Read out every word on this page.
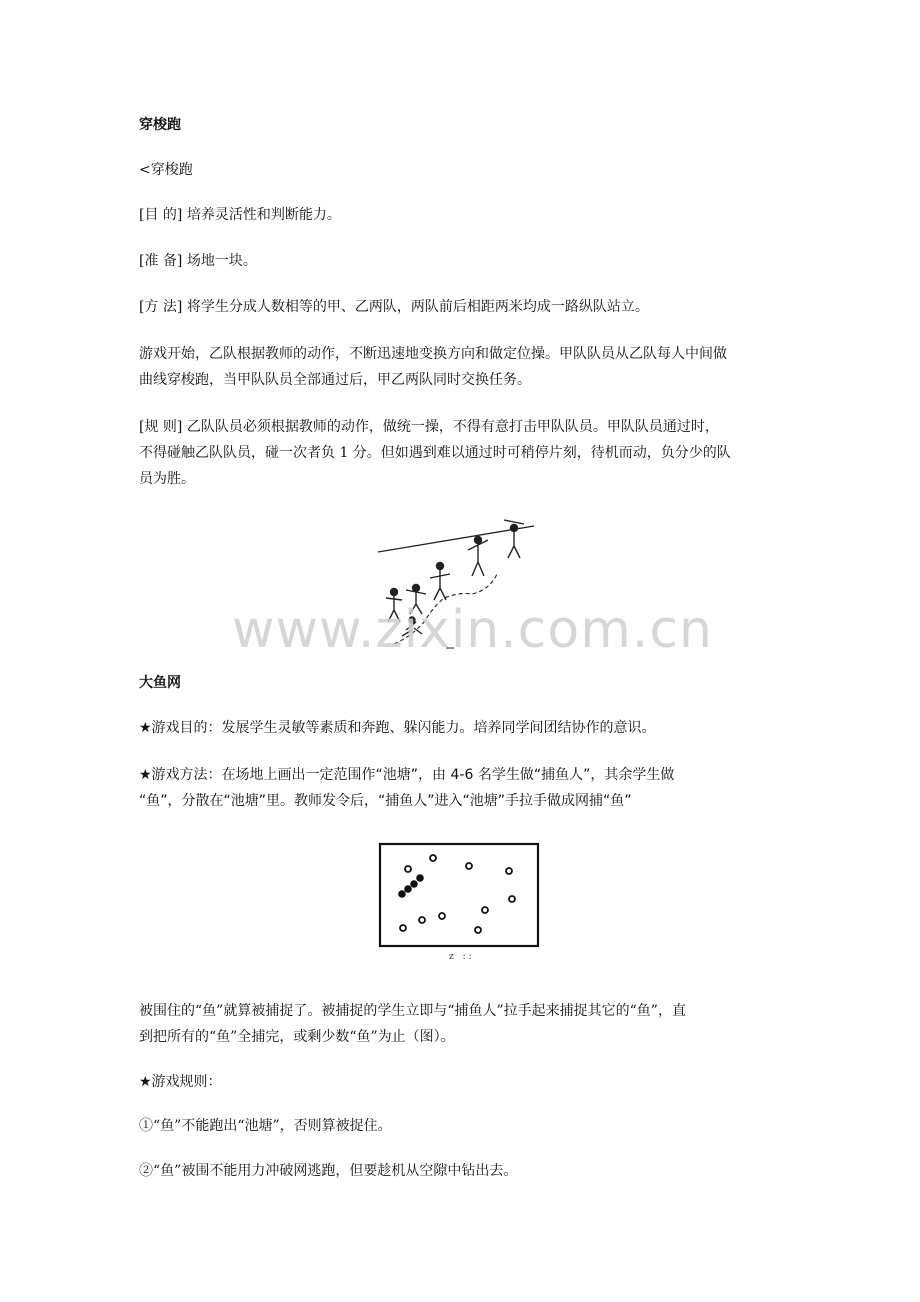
穿梭跑
<穿梭跑
[目 的] 培养灵活性和判断能力。
[准 备] 场地一块。
[方 法] 将学生分成人数相等的甲、乙两队，两队前后相距两米均成一路纵队站立。
游戏开始，乙队根据教师的动作，不断迅速地变换方向和做定位操。甲队队员从乙队每人中间做
曲线穿梭跑，当甲队队员全部通过后，甲乙两队同时交换任务。
[规 则] 乙队队员必须根据教师的动作，做统一操，不得有意打击甲队队员。甲队队员通过时，
不得碰触乙队队员，碰一次者负 1 分。但如遇到难以通过时可稍停片刻，待机而动，负分少的队
员为胜。
www.zixin.com.cn
大鱼网
★游戏目的：发展学生灵敏等素质和奔跑、躲闪能力。培养同学间团结协作的意识。
★游戏方法：在场地上画出一定范围作“池塘”，由 4-6 名学生做“捕鱼人”，其余学生做
“鱼”，分散在“池塘”里。教师发令后，“捕鱼人”进入“池塘”手拉手做成网捕“鱼”
z ::
被围住的“鱼”就算被捕捉了。被捕捉的学生立即与“捕鱼人”拉手起来捕捉其它的“鱼”，直
到把所有的“鱼”全捕完，或剩少数“鱼”为止（图）。
★游戏规则：
①“鱼”不能跑出“池塘”，否则算被捉住。
②“鱼”被围不能用力冲破网逃跑，但要趁机从空隙中钻出去。
